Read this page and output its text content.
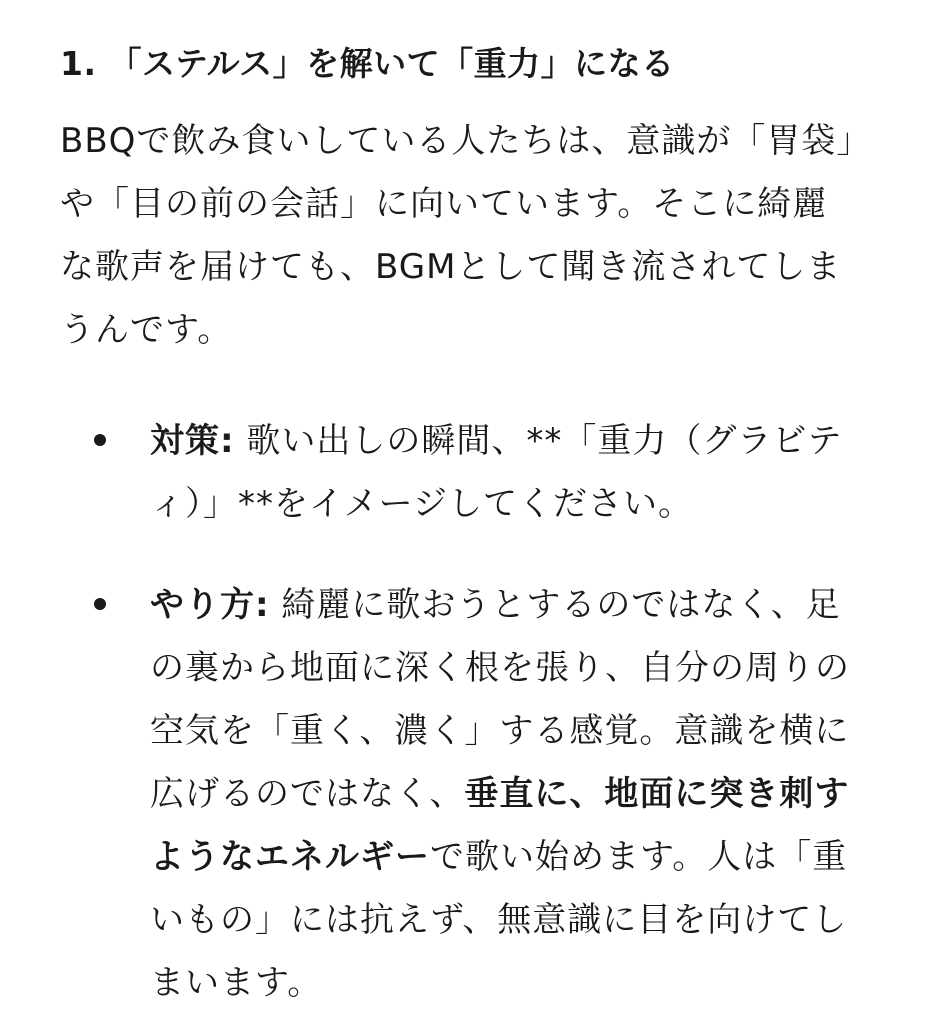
1. 「ステルス」を解いて「重力」になる

BBQで飲み食いしている人たちは、意識が「胃袋」や「目の前の会話」に向いています。そこに綺麗な歌声を届けても、BGMとして聞き流されてしまうんです。

対策: 歌い出しの瞬間、**「重力（グラビティ）」**をイメージしてください。
やり方: 綺麗に歌おうとするのではなく、足の裏から地面に深く根を張り、自分の周りの空気を「重く、濃く」する感覚。意識を横に広げるのではなく、垂直に、地面に突き刺すようなエネルギーで歌い始めます。人は「重いもの」には抗えず、無意識に目を向けてしまいます。
